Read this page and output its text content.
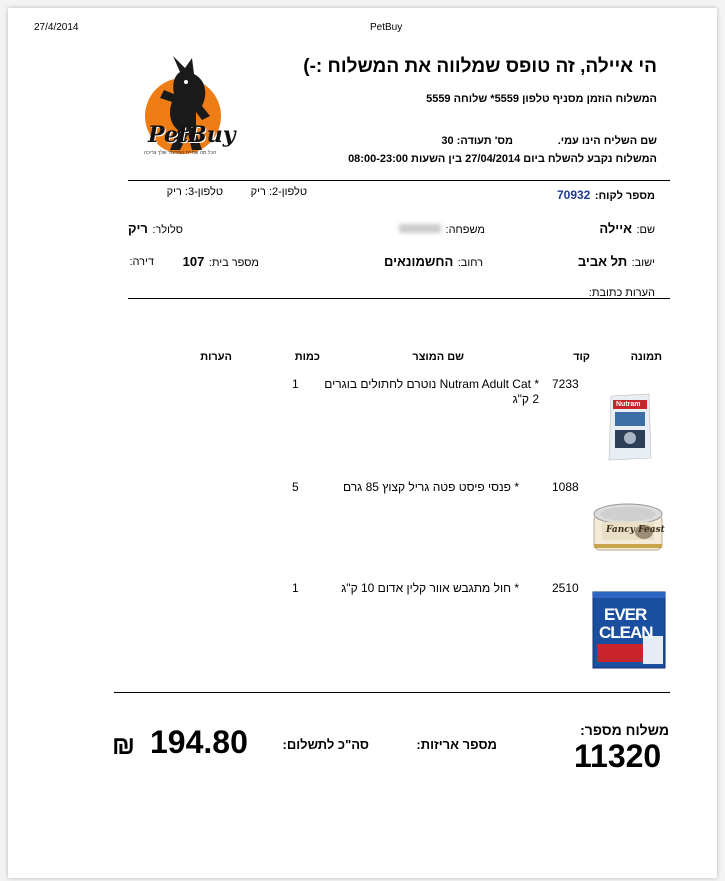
27/4/2014	PetBuy
PetBuy
הכל מה שחיית המחמד שלך צריכה
הי איילה, זה טופס שמלווה את המשלוח :-)
המשלוח הוזמן מסניף טלפון 5559* שלוחה 5559
שם השליח הינו עמי.
מס' תעודה: 30
המשלוח נקבע להשלח ביום 27/04/2014 בין השעות 08:00-23:00
מספר לקוח: 70932
טלפון-2: ריק
טלפון-3: ריק
שם: איילה
משפחה:
סלולר: ריק
ישוב: תל אביב
רחוב: החשמונאים
מספר בית: 107
דירה:
הערות כתובת:
תמונה
קוד
שם המוצר
כמות
הערות
7233
* Nutram Adult Cat נוטרם לחתולים בוגרים 2 ק"ג
1
Nutram
1088
* פנסי פיסט פטה גריל קצוץ 85 גרם
5
Fancy Feast
2510
* חול מתגבש אוור קלין אדום 10 ק"ג
1
EVER
CLEAN
משלוח מספר:
11320
מספר אריזות:
סה"כ לתשלום:
194.80
₪
